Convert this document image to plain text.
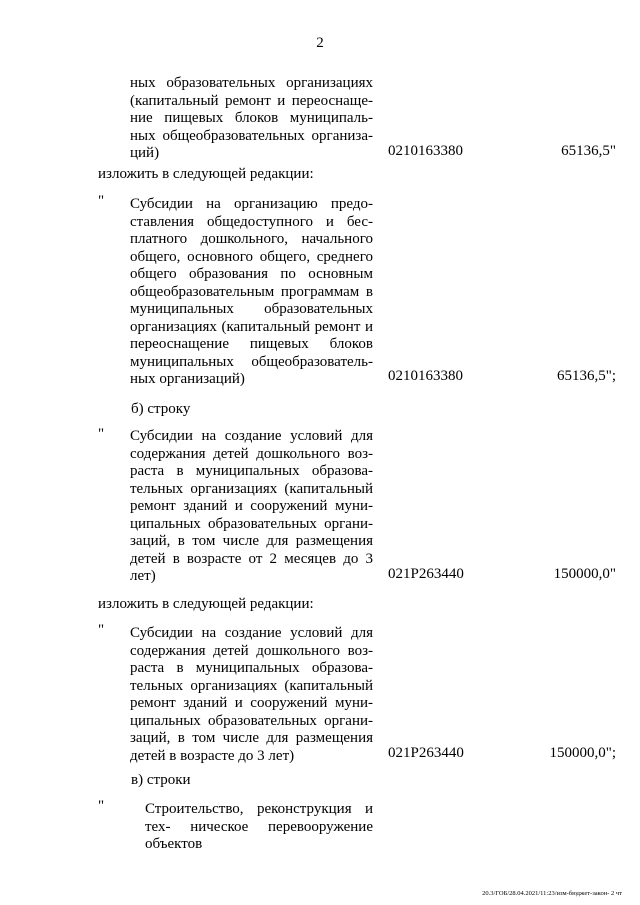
2
ных образовательных организациях (капитальный ремонт и переоснаще- ние пищевых блоков муниципаль- ных общеобразовательных организа- ций)	0210163380	65136,5"
изложить в следующей редакции:
" Субсидии на организацию предо- ставления общедоступного и бес- платного дошкольного, начального общего, основного общего, среднего общего образования по основным общеобразовательным программам в муниципальных образовательных организациях (капитальный ремонт и переоснащение пищевых блоков муниципальных общеобразователь- ных организаций)	0210163380	65136,5";
б) строку
" Субсидии на создание условий для содержания детей дошкольного воз- раста в муниципальных образова- тельных организациях (капитальный ремонт зданий и сооружений муни- ципальных образовательных органи- заций, в том числе для размещения детей в возрасте от 2 месяцев до 3 лет)	021P263440	150000,0"
изложить в следующей редакции:
" Субсидии на создание условий для содержания детей дошкольного воз- раста в муниципальных образова- тельных организациях (капитальный ремонт зданий и сооружений муни- ципальных образовательных органи- заций, в том числе для размещения детей в возрасте до 3 лет)	021P263440	150000,0";
в) строки
"	Строительство, реконструкция и тех- ническое перевооружение объектов
20.3/ГОБ/28.04.2021/11:23/изм-бюджет-закон- 2 чт
